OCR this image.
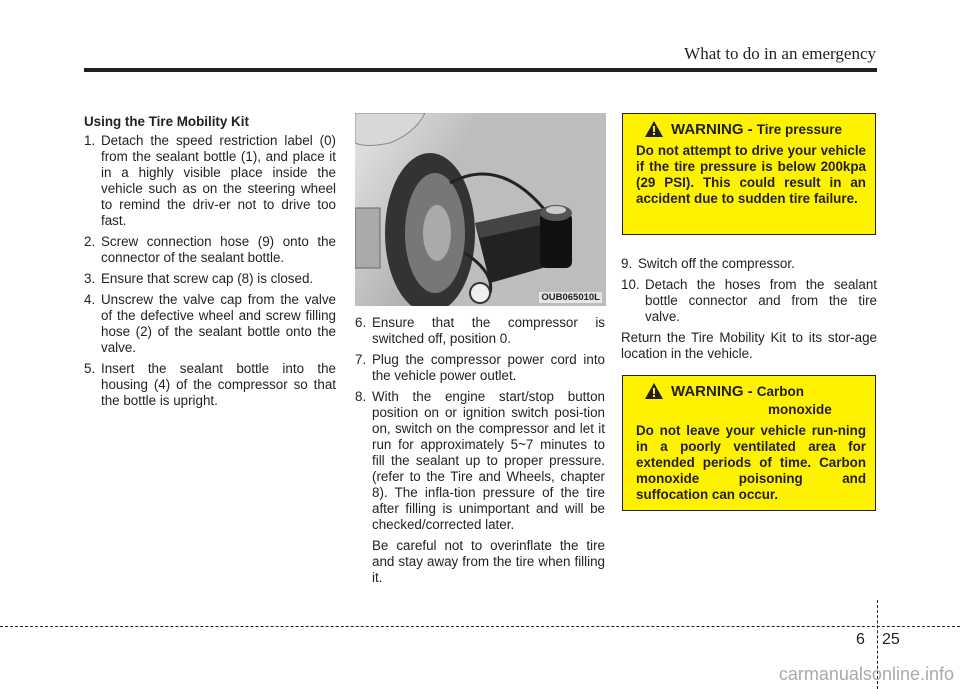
What to do in an emergency
Using the Tire Mobility Kit
1. Detach the speed restriction label (0) from the sealant bottle (1), and place it in a highly visible place inside the vehicle such as on the steering wheel to remind the driv-er not to drive too fast.
2. Screw connection hose (9) onto the connector of the sealant bottle.
3. Ensure that screw cap (8) is closed.
4. Unscrew the valve cap from the valve of the defective wheel and screw filling hose (2) of the sealant bottle onto the valve.
5. Insert the sealant bottle into the housing (4) of the compressor so that the bottle is upright.
OUB065010L
6. Ensure that the compressor is switched off, position 0.
7. Plug the compressor power cord into the vehicle power outlet.
8. With the engine start/stop button position on or ignition switch posi-tion on, switch on the compressor and let it run for approximately 5~7 minutes to fill the sealant up to proper pressure. (refer to the Tire and Wheels, chapter 8). The infla-tion pressure of the tire after filling is unimportant and will be checked/corrected later.
Be careful not to overinflate the tire and stay away from the tire when filling it.
WARNING - Tire pressure
Do not attempt to drive your vehicle if the tire pressure is below 200kpa (29 PSI). This could result in an accident due to sudden tire failure.
9. Switch off the compressor.
10. Detach the hoses from the sealant bottle connector and from the tire valve.
Return the Tire Mobility Kit to its stor-age location in the vehicle.
WARNING - Carbon
monoxide
Do not leave your vehicle run-ning in a poorly ventilated area for extended periods of time. Carbon monoxide poisoning and suffocation can occur.
6 25
carmanualsonline.info
